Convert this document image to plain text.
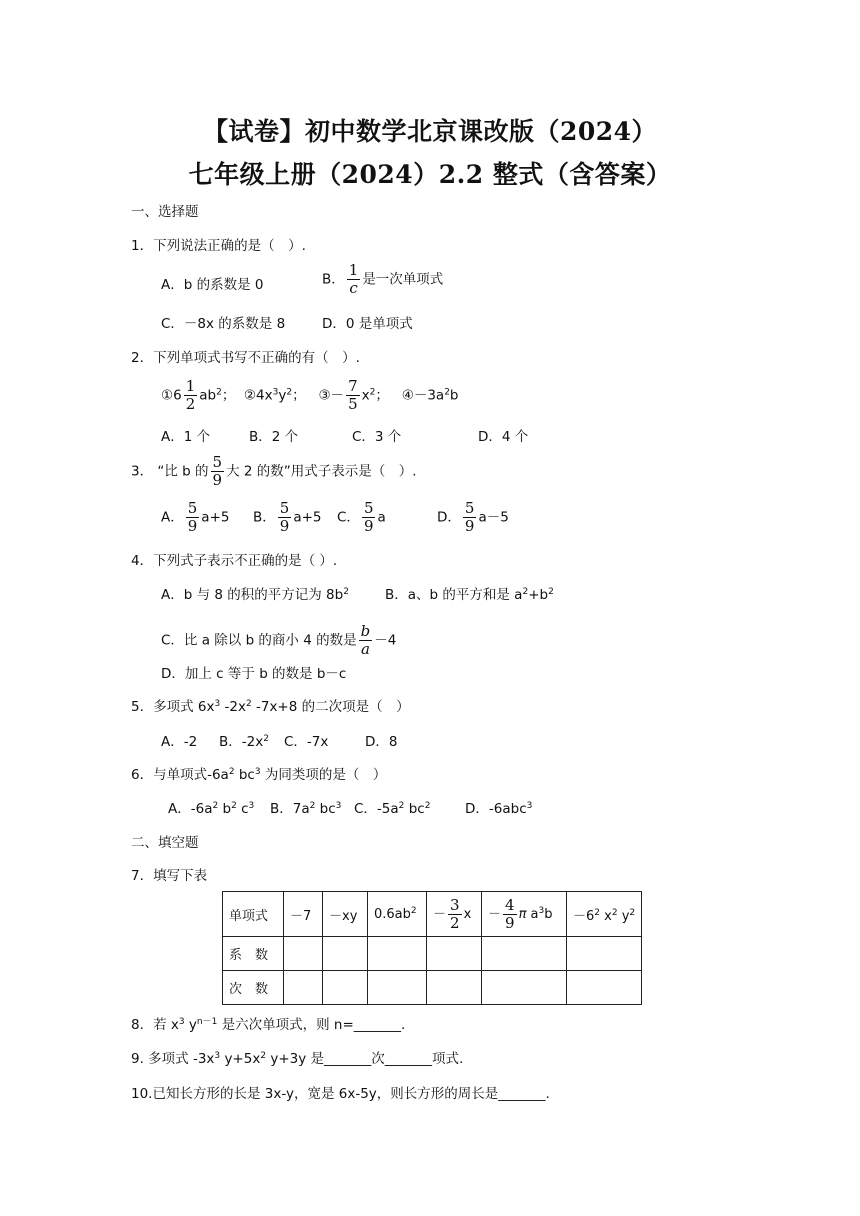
【试卷】初中数学北京课改版（2024）
七年级上册（2024）2.2 整式（含答案）
一、选择题
1．下列说法正确的是（　）.
A．b 的系数是 0	B． $\frac{1}{c}$ 是一次单项式
C．－8x 的系数是 8	D．0 是单项式
2．下列单项式书写不正确的有（　）.
①6 $\frac{1}{2} ab^2$； $②4x^3y^2$； ③－ $\frac{7}{5} x^2$； $④-3a^2b$
A．1 个	B．2 个	C．3 个	D．4 个
3． “比 b 的 $\frac{5}{9}$ 大 2 的数”用式子表示是（　）.
A． $\frac{5}{9} a+5$ B． $\frac{5}{9} a+5$ C． $\frac{5}{9}$ a	D． $\frac{5}{9} a-5$
4．下列式子表示不正确的是（ ）.
A．b 与 8 的积的平方记为 $8b^2$	B．a、b 的平方和是 $a^2+b^2$
C．比 a 除以 b 的商小 4 的数是 $\frac{b}{a} -4$
D．加上 c 等于 b 的数是 b－c
5．多项式 $6x^3$ $-2x^2$ -7x+8 的二次项是（　）
A．-2 B．$-2x^2$ C．-7x	D．8
6．与单项式$-6a^2$ $bc^3$ 为同类项的是（　）
A．$-6a^2$ $b^2$ $c^3$ B．$7a^2$ $bc^3$ C．$-5a^2$ $bc^2$	D．-6abc$^3$
二、填空题
7．填写下表
单项式	－7	－xy	$0.6ab^2$	－ $\frac{3}{2}$ x	－ $\frac{4}{9}$ π $a^3b$	$-6^2$ $x^2$ $y^2$
系　数						
次　数						
8．若 $x^3$ $y^{n-1}$ 是六次单项式，则 n=_______.
9. 多项式 $-3x^3$ $y+5x^2$ y+3y 是_______次_______项式.
10.已知长方形的长是 3x-y，宽是 6x-5y，则长方形的周长是_______.
